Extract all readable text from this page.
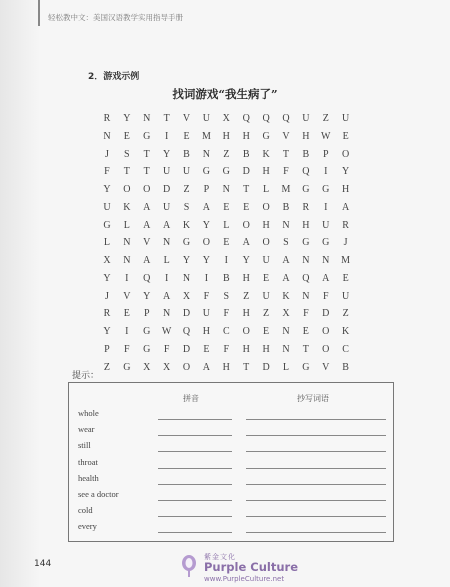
轻松教中文：美国汉语教学实用指导手册
2．游戏示例
找词游戏“我生病了”
R	Y	N	T	V	U	X	Q	Q	Q	U	Z	U
N	E	G	I	E	M	H	H	G	V	H	W	E
J	S	T	Y	B	N	Z	B	K	T	B	P	O
F	T	T	U	U	G	G	D	H	F	Q	I	Y
Y	O	O	D	Z	P	N	T	L	M	G	G	H
U	K	A	U	S	A	E	E	O	B	R	I	A
G	L	A	A	K	Y	L	O	H	N	H	U	R
L	N	V	N	G	O	E	A	O	S	G	G	J
X	N	A	L	Y	Y	I	Y	U	A	N	N	M
Y	I	Q	I	N	I	B	H	E	A	Q	A	E
J	V	Y	A	X	F	S	Z	U	K	N	F	U
R	E	P	N	D	U	F	H	Z	X	F	D	Z
Y	I	G	W	Q	H	C	O	E	N	E	O	K
P	F	G	F	D	E	F	H	H	N	T	O	C
Z	G	X	X	O	A	H	T	D	L	G	V	B
提示：
拼音	抄写词语
whole
wear
still
throat
health
see a doctor
cold
every
144
紫金文化
Purple Culture
www.PurpleCulture.net
